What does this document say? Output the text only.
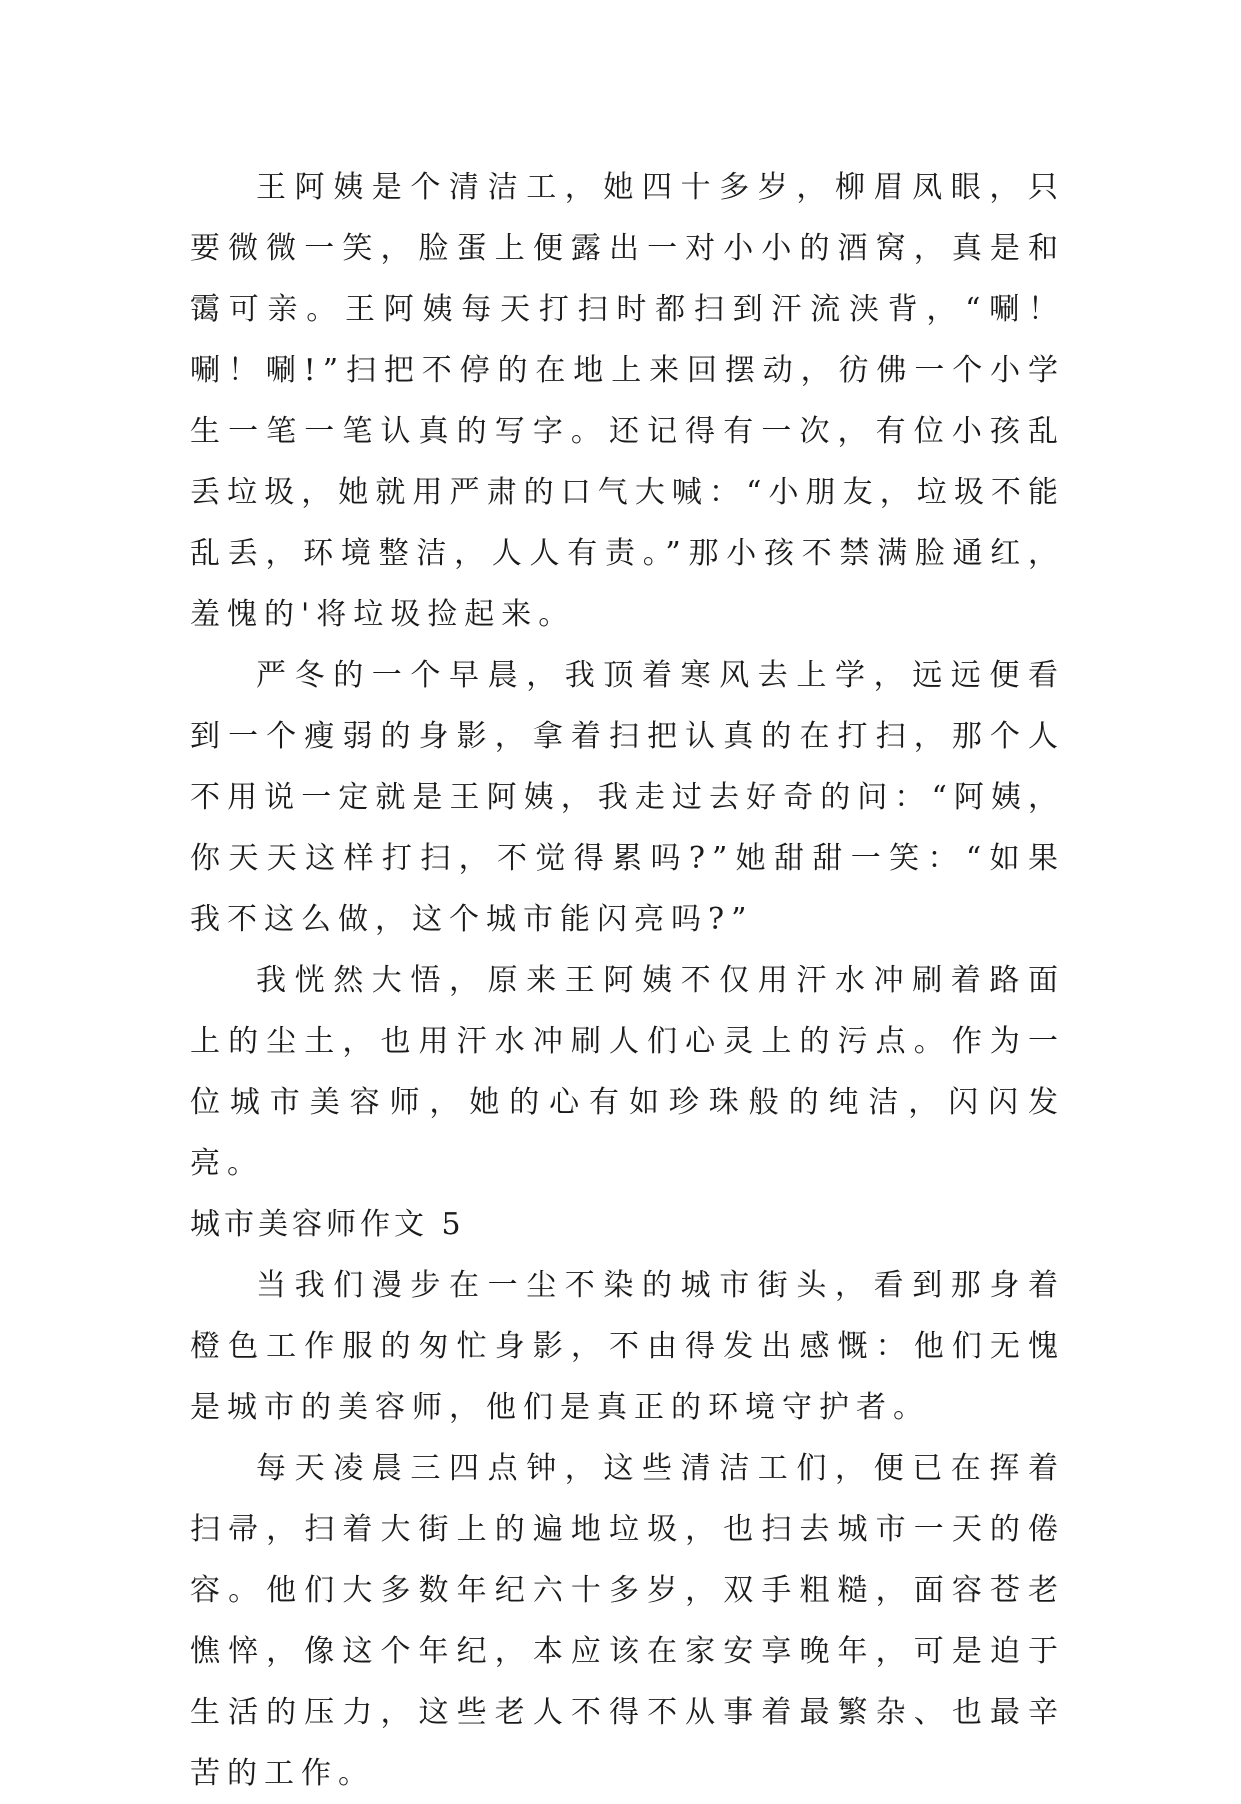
王阿姨是个清洁工，她四十多岁，柳眉凤眼，只要微微一笑，脸蛋上便露出一对小小的酒窝，真是和霭可亲。王阿姨每天打扫时都扫到汗流浃背，“唰！唰！唰!”扫把不停的在地上来回摆动，彷佛一个小学生一笔一笔认真的写字。还记得有一次，有位小孩乱丢垃圾，她就用严肃的口气大喊：“小朋友，垃圾不能乱丢，环境整洁，人人有责。”那小孩不禁满脸通红，羞愧的'将垃圾捡起来。

严冬的一个早晨，我顶着寒风去上学，远远便看到一个瘦弱的身影，拿着扫把认真的在打扫，那个人不用说一定就是王阿姨，我走过去好奇的问：“阿姨，你天天这样打扫，不觉得累吗?”她甜甜一笑：“如果我不这么做，这个城市能闪亮吗?”

我恍然大悟，原来王阿姨不仅用汗水冲刷着路面上的尘土，也用汗水冲刷人们心灵上的污点。作为一位城市美容师，她的心有如珍珠般的纯洁，闪闪发亮。

城市美容师作文 5

当我们漫步在一尘不染的城市街头，看到那身着橙色工作服的匆忙身影，不由得发出感慨：他们无愧是城市的美容师，他们是真正的环境守护者。

每天凌晨三四点钟，这些清洁工们，便已在挥着扫帚，扫着大街上的遍地垃圾，也扫去城市一天的倦容。他们大多数年纪六十多岁，双手粗糙，面容苍老憔悴，像这个年纪，本应该在家安享晚年，可是迫于生活的压力，这些老人不得不从事着最繁杂、也最辛苦的工作。
